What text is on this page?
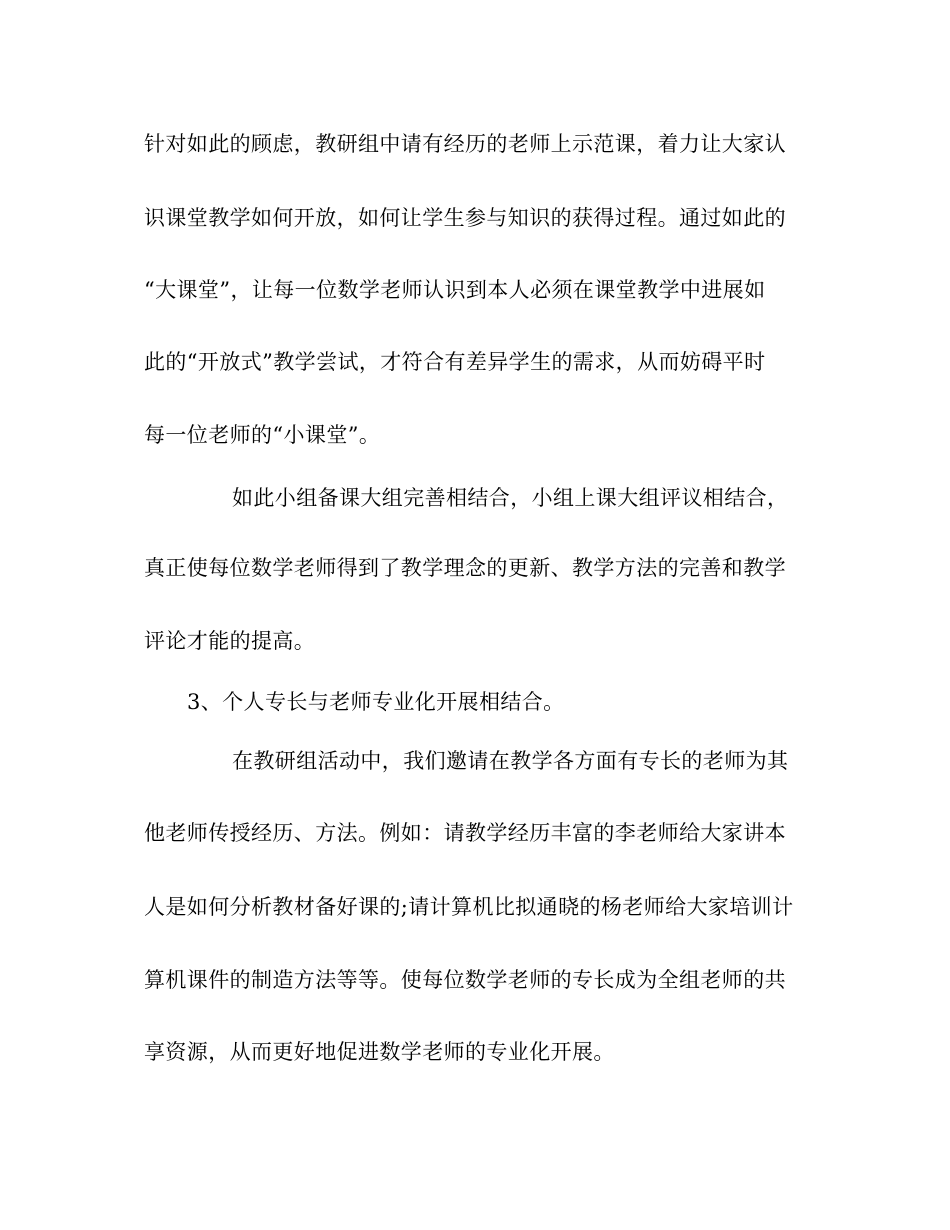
针对如此的顾虑，教研组中请有经历的老师上示范课，着力让大家认
识课堂教学如何开放，如何让学生参与知识的获得过程。通过如此的
“大课堂”，让每一位数学老师认识到本人必须在课堂教学中进展如
此的“开放式”教学尝试，才符合有差异学生的需求，从而妨碍平时
每一位老师的“小课堂”。
如此小组备课大组完善相结合，小组上课大组评议相结合，
真正使每位数学老师得到了教学理念的更新、教学方法的完善和教学
评论才能的提高。
3、个人专长与老师专业化开展相结合。
在教研组活动中，我们邀请在教学各方面有专长的老师为其
他老师传授经历、方法。例如：请教学经历丰富的李老师给大家讲本
人是如何分析教材备好课的;请计算机比拟通晓的杨老师给大家培训计
算机课件的制造方法等等。使每位数学老师的专长成为全组老师的共
享资源，从而更好地促进数学老师的专业化开展。
